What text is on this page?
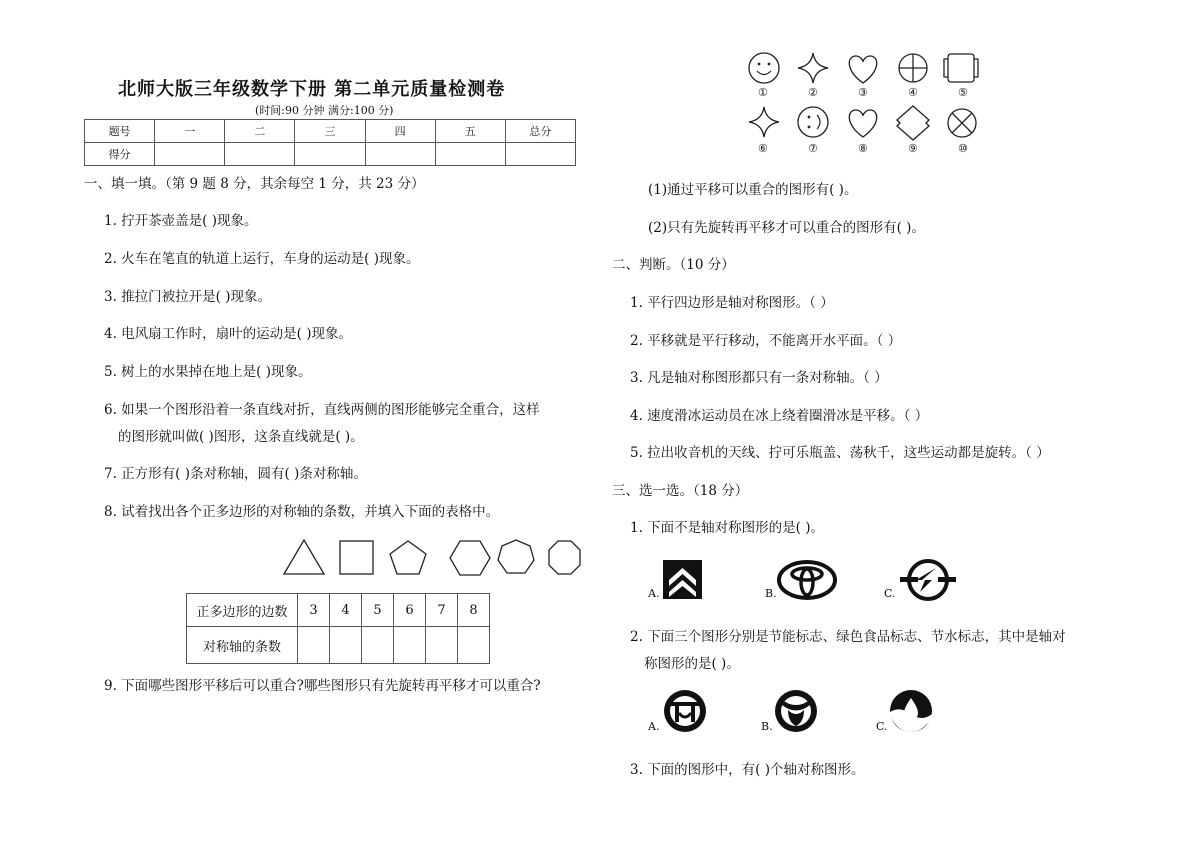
北师大版三年级数学下册 第二单元质量检测卷
(时间:90 分钟 满分:100 分)
题号	一	二	三	四	五	总分
得分						
一、填一填。（第 9 题 8 分，其余每空 1 分，共 23 分）
1. 拧开茶壶盖是( )现象。
2. 火车在笔直的轨道上运行，车身的运动是( )现象。
3. 推拉门被拉开是( )现象。
4. 电风扇工作时，扇叶的运动是( )现象。
5. 树上的水果掉在地上是( )现象。
6. 如果一个图形沿着一条直线对折，直线两侧的图形能够完全重合，这样
的图形就叫做( )图形，这条直线就是( )。
7. 正方形有( )条对称轴，圆有( )条对称轴。
8. 试着找出各个正多边形的对称轴的条数，并填入下面的表格中。
正多边形的边数	3	4	5	6	7	8
对称轴的条数						
9. 下面哪些图形平移后可以重合?哪些图形只有先旋转再平移才可以重合?
①	②	③	④	⑤
⑥	⑦	⑧	⑨	⑩
(1)通过平移可以重合的图形有( )。
(2)只有先旋转再平移才可以重合的图形有( )。
二、判断。（10 分）
1. 平行四边形是轴对称图形。（ ）
2. 平移就是平行移动，不能离开水平面。（ ）
3. 凡是轴对称图形都只有一条对称轴。（ ）
4. 速度滑冰运动员在冰上绕着圈滑冰是平移。（ ）
5. 拉出收音机的天线、拧可乐瓶盖、荡秋千，这些运动都是旋转。（ ）
三、选一选。（18 分）
1. 下面不是轴对称图形的是( )。
A.	B.	C.
2. 下面三个图形分别是节能标志、绿色食品标志、节水标志，其中是轴对
称图形的是( )。
A.	B.	C.
3. 下面的图形中，有( )个轴对称图形。
